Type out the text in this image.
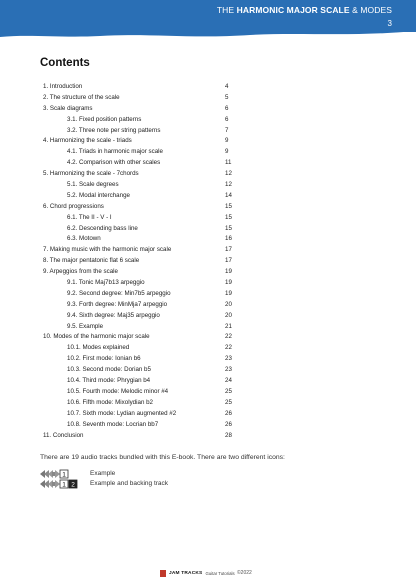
THE HARMONIC MAJOR SCALE & MODES
3
Contents
1. Introduction	4
2. The structure of the scale	5
3. Scale diagrams	6
3.1. Fixed position patterns	6
3.2. Three note per string patterns	7
4. Harmonizing the scale - triads	9
4.1. Triads in harmonic major scale	9
4.2. Comparison with other scales	11
5. Harmonizing the scale - 7chords	12
5.1. Scale degrees	12
5.2. Modal interchange	14
6. Chord progressions	15
6.1. The II - V - I	15
6.2. Descending bass line	15
6.3. Motown	16
7. Making music with the harmonic major scale	17
8. The major pentatonic flat 6 scale	17
9. Arpeggios from the scale	19
9.1. Tonic Maj7b13 arpeggio	19
9.2. Second degree: Min7b5 arpeggio	19
9.3. Forth degree: MinMja7 arpeggio	20
9.4. Sixth degree: Maj35 arpeggio	20
9.5. Example	21
10. Modes of the harmonic major scale	22
10.1. Modes explained	22
10.2. First mode: Ionian b6	23
10.3. Second mode: Dorian b5	23
10.4. Third mode: Phrygian b4	24
10.5. Fourth mode: Melodic minor #4	25
10.6. Fifth mode: Mixolydian b2	25
10.7. Sixth mode: Lydian augmented #2	26
10.8. Seventh mode: Locrian bb7	26
11. Conclusion	28
There are 19 audio tracks bundled with this E-book. There are two different icons:
1	Example
1 2 Example and backing track
JAM TRACKS Guitar Tutorials ©2022
